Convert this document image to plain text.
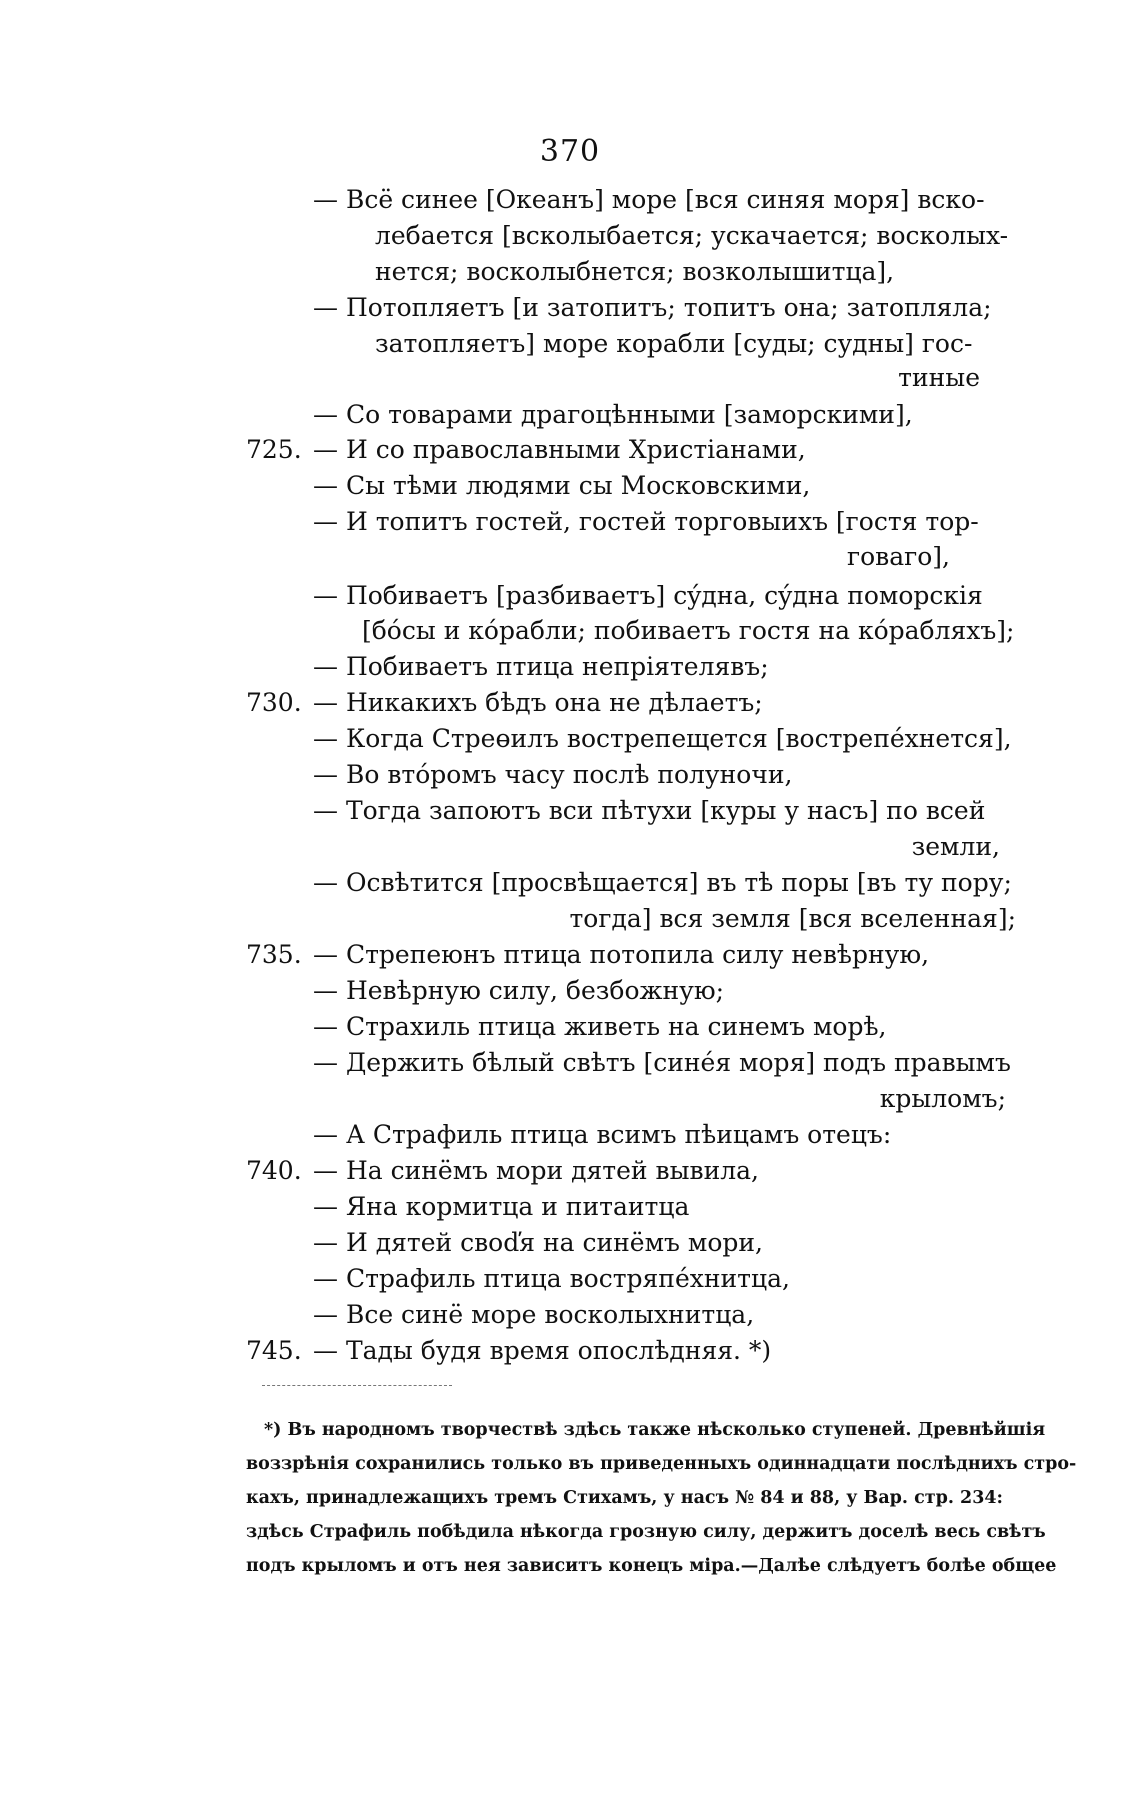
370
— Всё синее [Океанъ] море [вся синяя моря] вско-
лебается [всколыбается; ускачается; восколыx-
нется; восколыбнется; возколышитца],
— Потопляетъ [и затопитъ; топитъ она; затопляла;
затопляетъ] море корабли [суды; судны] гос-
тиные
— Со товарами драгоцѣнными [заморскими],
725. — И со православными Христіанами,
— Сы тѣми людями сы Московскими,
— И топитъ гостей, гостей торговыихъ [гостя тор-
говаго],
— Побиваетъ [разбиваетъ] сýдна, сýдна поморскія
[бóсы и кóрабли; побиваетъ гостя на кóрабляхъ];
— Побиваетъ птица непріятелявъ;
730. — Никакихъ бѣдъ она не дѣлаетъ;
— Когда Стреөилъ вострепещется [вострепéхнется],
— Во втóромъ часу послѣ полуночи,
— Тогда запоютъ вси пѣтухи [куры у насъ] по всей
земли,
— Освѣтится [просвѣщается] въ тѣ поры [въ ту пору;
тогда] вся земля [вся вселенная];
735. — Стрепеюнъ птица потопила силу невѣрную,
— Невѣрную силу, безбожную;
— Страхиль птица живеть на синемъ морѣ,
— Держить бѣлый свѣтъ [синéя моря] подъ правымъ
крыломъ;
— А Страфиль птица всимъ пѣицамъ отецъ:
740. — На синёмъ мори дятей вывила,
— Яна кормитца и питаитца
— И дятей своďя на синёмъ мори,
— Страфиль птица востряпéхнитца,
— Все синё море восколыхнитца,
745. — Тады будя время опослѣдняя. *)
*) Въ народномъ творчествѣ здѣсь также нѣсколько ступеней. Древнѣйшія
воззрѣнія сохранились только въ приведенныхъ одиннадцати послѣднихъ стро-
кахъ, принадлежащихъ тремъ Стихамъ, у насъ № 84 и 88, у Вар. стр. 234:
здѣсь Страфиль побѣдила нѣкогда грозную силу, держитъ доселѣ весь свѣтъ
подъ крыломъ и отъ нея зависитъ конецъ міра.—Далѣе слѣдуетъ болѣе общее
